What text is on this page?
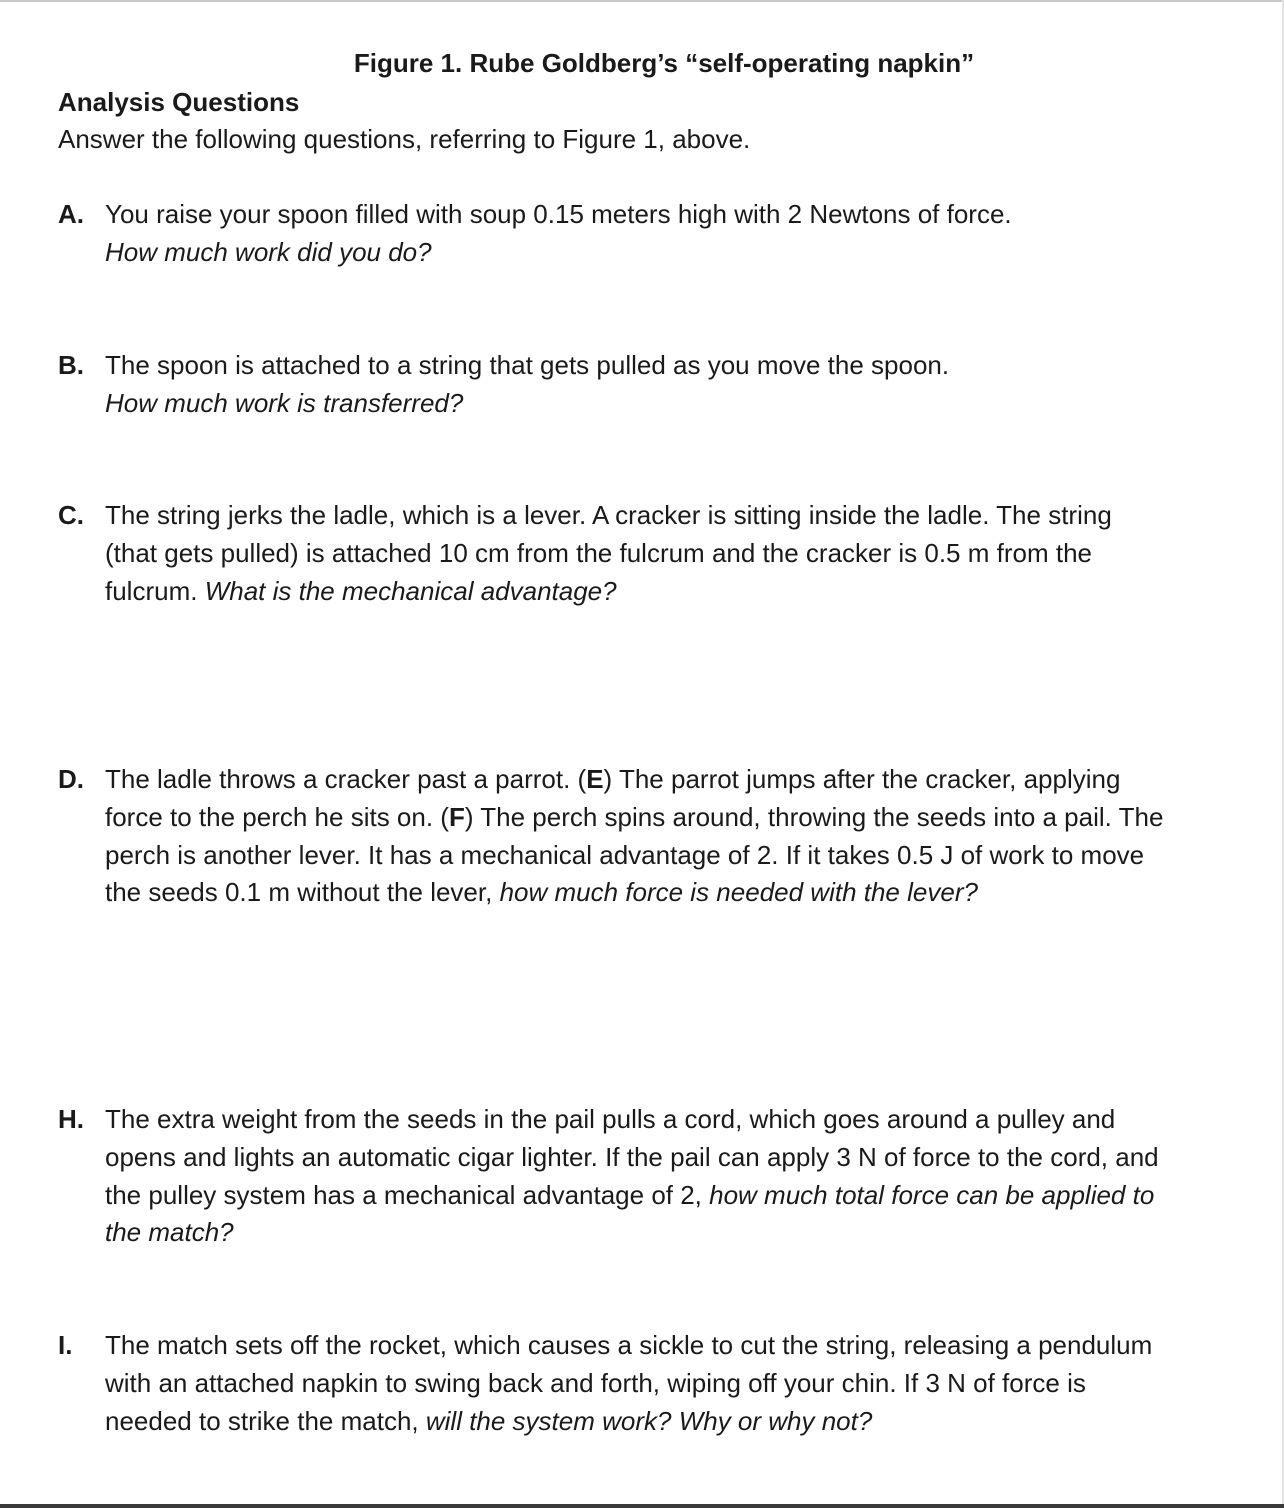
Figure 1. Rube Goldberg’s “self-operating napkin”
Analysis Questions
Answer the following questions, referring to Figure 1, above.
A. You raise your spoon filled with soup 0.15 meters high with 2 Newtons of force.
How much work did you do?
B. The spoon is attached to a string that gets pulled as you move the spoon.
How much work is transferred?
C. The string jerks the ladle, which is a lever. A cracker is sitting inside the ladle. The string
(that gets pulled) is attached 10 cm from the fulcrum and the cracker is 0.5 m from the
fulcrum. What is the mechanical advantage?
D. The ladle throws a cracker past a parrot. (E) The parrot jumps after the cracker, applying
force to the perch he sits on. (F) The perch spins around, throwing the seeds into a pail. The
perch is another lever. It has a mechanical advantage of 2. If it takes 0.5 J of work to move
the seeds 0.1 m without the lever, how much force is needed with the lever?
H. The extra weight from the seeds in the pail pulls a cord, which goes around a pulley and
opens and lights an automatic cigar lighter. If the pail can apply 3 N of force to the cord, and
the pulley system has a mechanical advantage of 2, how much total force can be applied to
the match?
I. The match sets off the rocket, which causes a sickle to cut the string, releasing a pendulum
with an attached napkin to swing back and forth, wiping off your chin. If 3 N of force is
needed to strike the match, will the system work? Why or why not?
